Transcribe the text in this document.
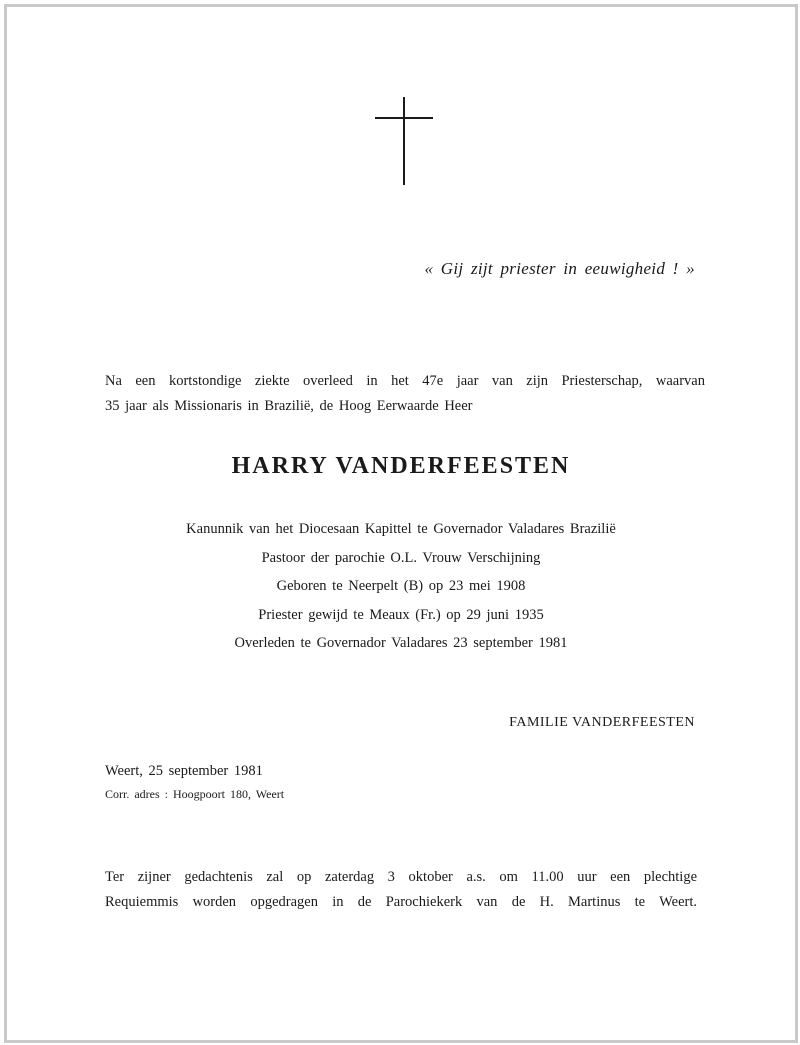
« Gij zijt priester in eeuwigheid ! »
Na een kortstondige ziekte overleed in het 47e jaar van zijn Priesterschap, waarvan
35 jaar als Missionaris in Brazilië, de Hoog Eerwaarde Heer
HARRY VANDERFEESTEN
Kanunnik van het Diocesaan Kapittel te Governador Valadares Brazilië
Pastoor der parochie O.L. Vrouw Verschijning
Geboren te Neerpelt (B) op 23 mei 1908
Priester gewijd te Meaux (Fr.) op 29 juni 1935
Overleden te Governador Valadares 23 september 1981
FAMILIE VANDERFEESTEN
Weert, 25 september 1981
Corr. adres : Hoogpoort 180, Weert
Ter zijner gedachtenis zal op zaterdag 3 oktober a.s. om 11.00 uur een plechtige
Requiemmis worden opgedragen in de Parochiekerk van de H. Martinus te Weert.
